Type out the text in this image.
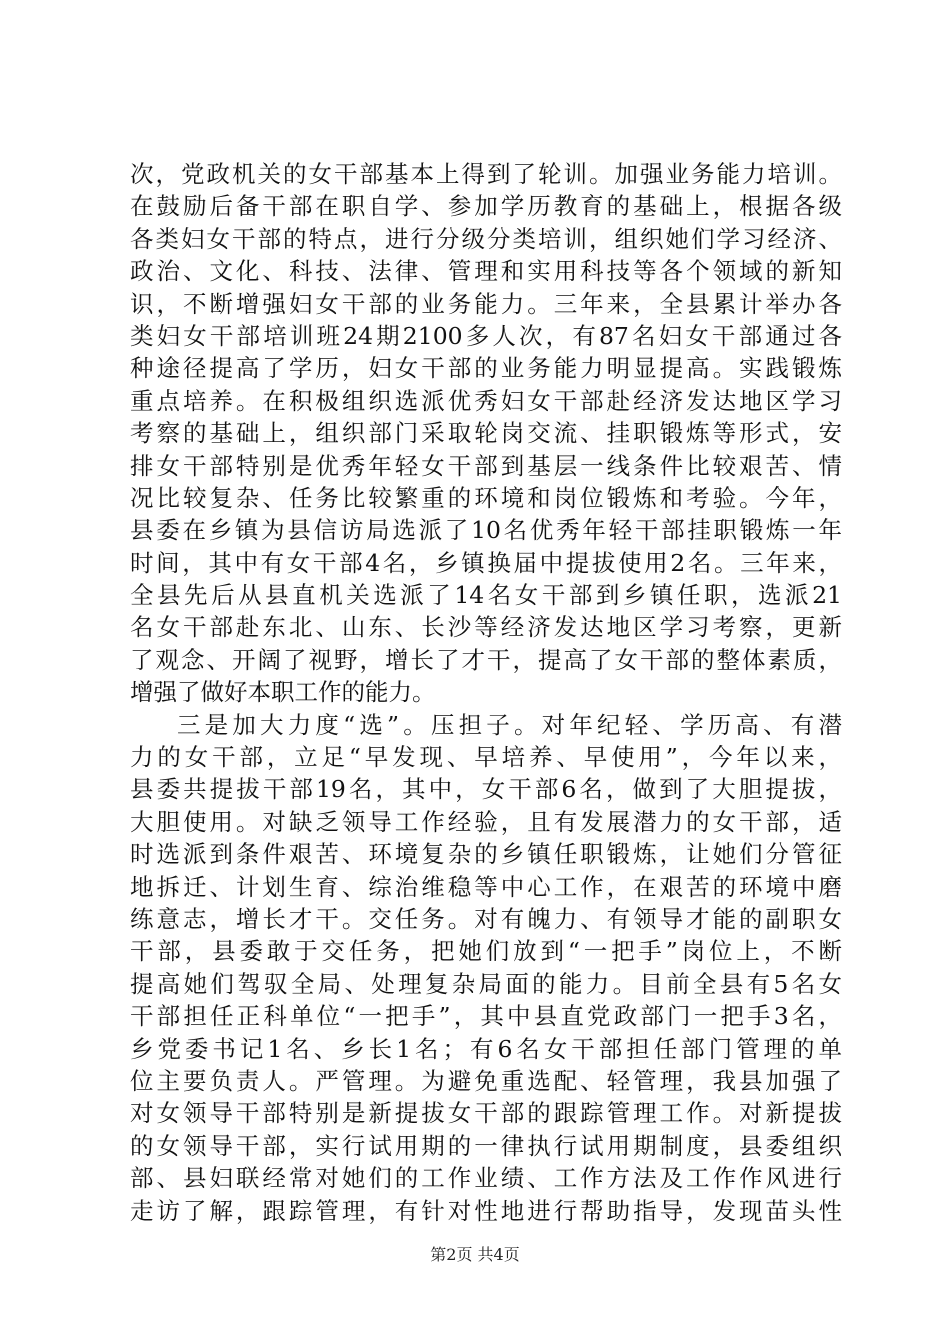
次，党政机关的女干部基本上得到了轮训。加强业务能力培训。
在鼓励后备干部在职自学、参加学历教育的基础上，根据各级
各类妇女干部的特点，进行分级分类培训，组织她们学习经济、
政治、文化、科技、法律、管理和实用科技等各个领域的新知
识，不断增强妇女干部的业务能力。三年来，全县累计举办各
类妇女干部培训班24期2100多人次，有87名妇女干部通过各
种途径提高了学历，妇女干部的业务能力明显提高。实践锻炼
重点培养。在积极组织选派优秀妇女干部赴经济发达地区学习
考察的基础上，组织部门采取轮岗交流、挂职锻炼等形式，安
排女干部特别是优秀年轻女干部到基层一线条件比较艰苦、情
况比较复杂、任务比较繁重的环境和岗位锻炼和考验。今年，
县委在乡镇为县信访局选派了10名优秀年轻干部挂职锻炼一年
时间，其中有女干部4名，乡镇换届中提拔使用2名。三年来，
全县先后从县直机关选派了14名女干部到乡镇任职，选派21
名女干部赴东北、山东、长沙等经济发达地区学习考察，更新
了观念、开阔了视野，增长了才干，提高了女干部的整体素质，
增强了做好本职工作的能力。
三是加大力度“选”。压担子。对年纪轻、学历高、有潜
力的女干部，立足“早发现、早培养、早使用”，今年以来，
县委共提拔干部19名，其中，女干部6名，做到了大胆提拔，
大胆使用。对缺乏领导工作经验，且有发展潜力的女干部，适
时选派到条件艰苦、环境复杂的乡镇任职锻炼，让她们分管征
地拆迁、计划生育、综治维稳等中心工作，在艰苦的环境中磨
练意志，增长才干。交任务。对有魄力、有领导才能的副职女
干部，县委敢于交任务，把她们放到“一把手”岗位上，不断
提高她们驾驭全局、处理复杂局面的能力。目前全县有5名女
干部担任正科单位“一把手”，其中县直党政部门一把手3名，
乡党委书记1名、乡长1名；有6名女干部担任部门管理的单
位主要负责人。严管理。为避免重选配、轻管理，我县加强了
对女领导干部特别是新提拔女干部的跟踪管理工作。对新提拔
的女领导干部，实行试用期的一律执行试用期制度，县委组织
部、县妇联经常对她们的工作业绩、工作方法及工作作风进行
走访了解，跟踪管理，有针对性地进行帮助指导，发现苗头性
第2页 共4页
